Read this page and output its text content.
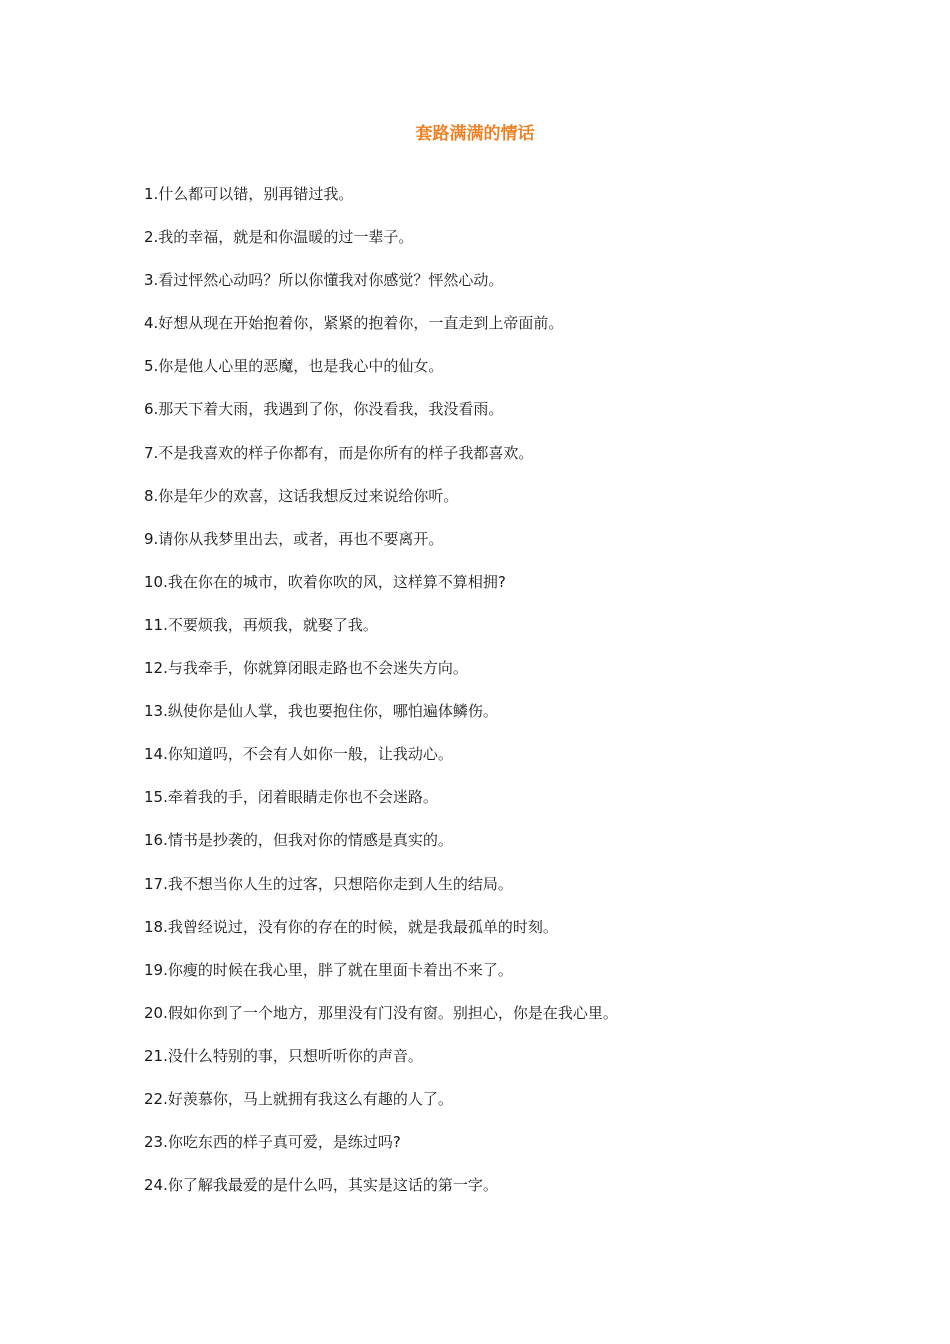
套路满满的情话
1.什么都可以错，别再错过我。
2.我的幸福，就是和你温暖的过一辈子。
3.看过怦然心动吗？所以你懂我对你感觉？怦然心动。
4.好想从现在开始抱着你，紧紧的抱着你，一直走到上帝面前。
5.你是他人心里的恶魔，也是我心中的仙女。
6.那天下着大雨，我遇到了你，你没看我，我没看雨。
7.不是我喜欢的样子你都有，而是你所有的样子我都喜欢。
8.你是年少的欢喜，这话我想反过来说给你听。
9.请你从我梦里出去，或者，再也不要离开。
10.我在你在的城市，吹着你吹的风，这样算不算相拥?
11.不要烦我，再烦我，就娶了我。
12.与我牵手，你就算闭眼走路也不会迷失方向。
13.纵使你是仙人掌，我也要抱住你，哪怕遍体鳞伤。
14.你知道吗，不会有人如你一般，让我动心。
15.牵着我的手，闭着眼睛走你也不会迷路。
16.情书是抄袭的，但我对你的情感是真实的。
17.我不想当你人生的过客，只想陪你走到人生的结局。
18.我曾经说过，没有你的存在的时候，就是我最孤单的时刻。
19.你瘦的时候在我心里，胖了就在里面卡着出不来了。
20.假如你到了一个地方，那里没有门没有窗。别担心，你是在我心里。
21.没什么特别的事，只想听听你的声音。
22.好羡慕你，马上就拥有我这么有趣的人了。
23.你吃东西的样子真可爱，是练过吗?
24.你了解我最爱的是什么吗，其实是这话的第一字。
